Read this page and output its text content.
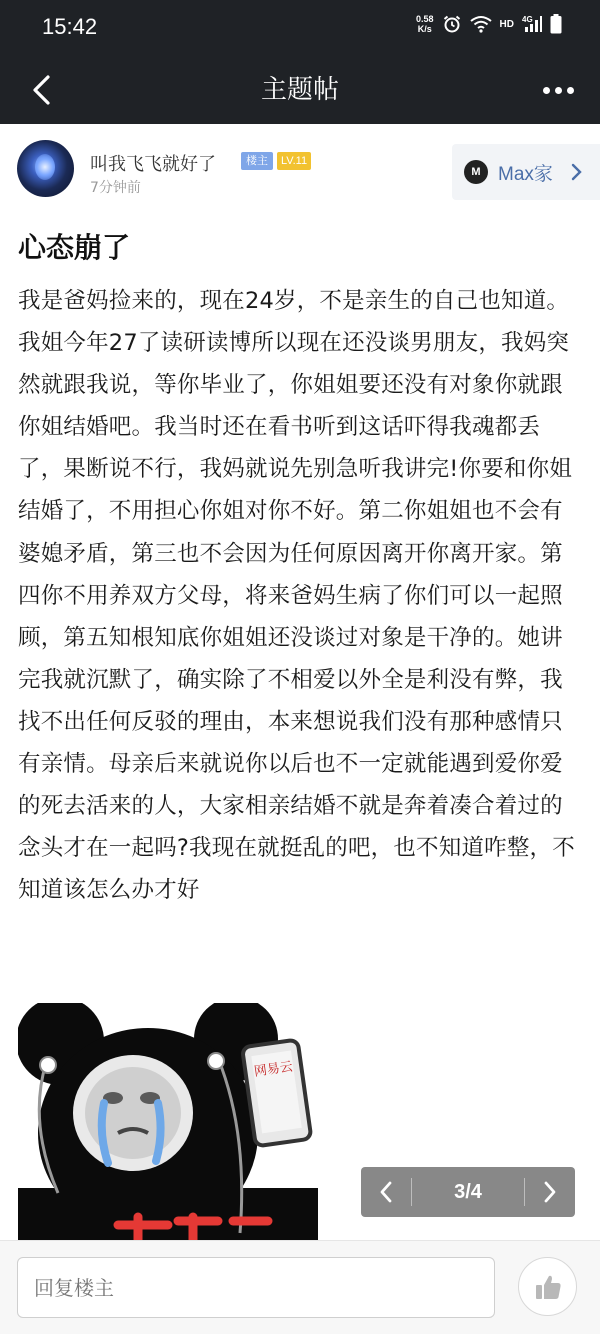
15:42	0.58
K/s	HD 4G
主题帖
叫我飞飞就好了	楼主	LV.11
7分钟前
M Max家
心态崩了
我是爸妈捡来的，现在24岁，不是亲生的自己也知道。我姐今年27了读研读博所以现在还没谈男朋友，我妈突然就跟我说，等你毕业了，你姐姐要还没有对象你就跟你姐结婚吧。我当时还在看书听到这话吓得我魂都丢了，果断说不行，我妈就说先别急听我讲完!你要和你姐结婚了，不用担心你姐对你不好。第二你姐姐也不会有婆媳矛盾，第三也不会因为任何原因离开你离开家。第四你不用养双方父母，将来爸妈生病了你们可以一起照顾，第五知根知底你姐姐还没谈过对象是干净的。她讲完我就沉默了，确实除了不相爱以外全是利没有弊，我找不出任何反驳的理由，本来想说我们没有那种感情只有亲情。母亲后来就说你以后也不一定就能遇到爱你爱的死去活来的人，大家相亲结婚不就是奔着凑合着过的念头才在一起吗?我现在就挺乱的吧，也不知道咋整，不知道该怎么办才好
网易云
3/4
回复楼主
